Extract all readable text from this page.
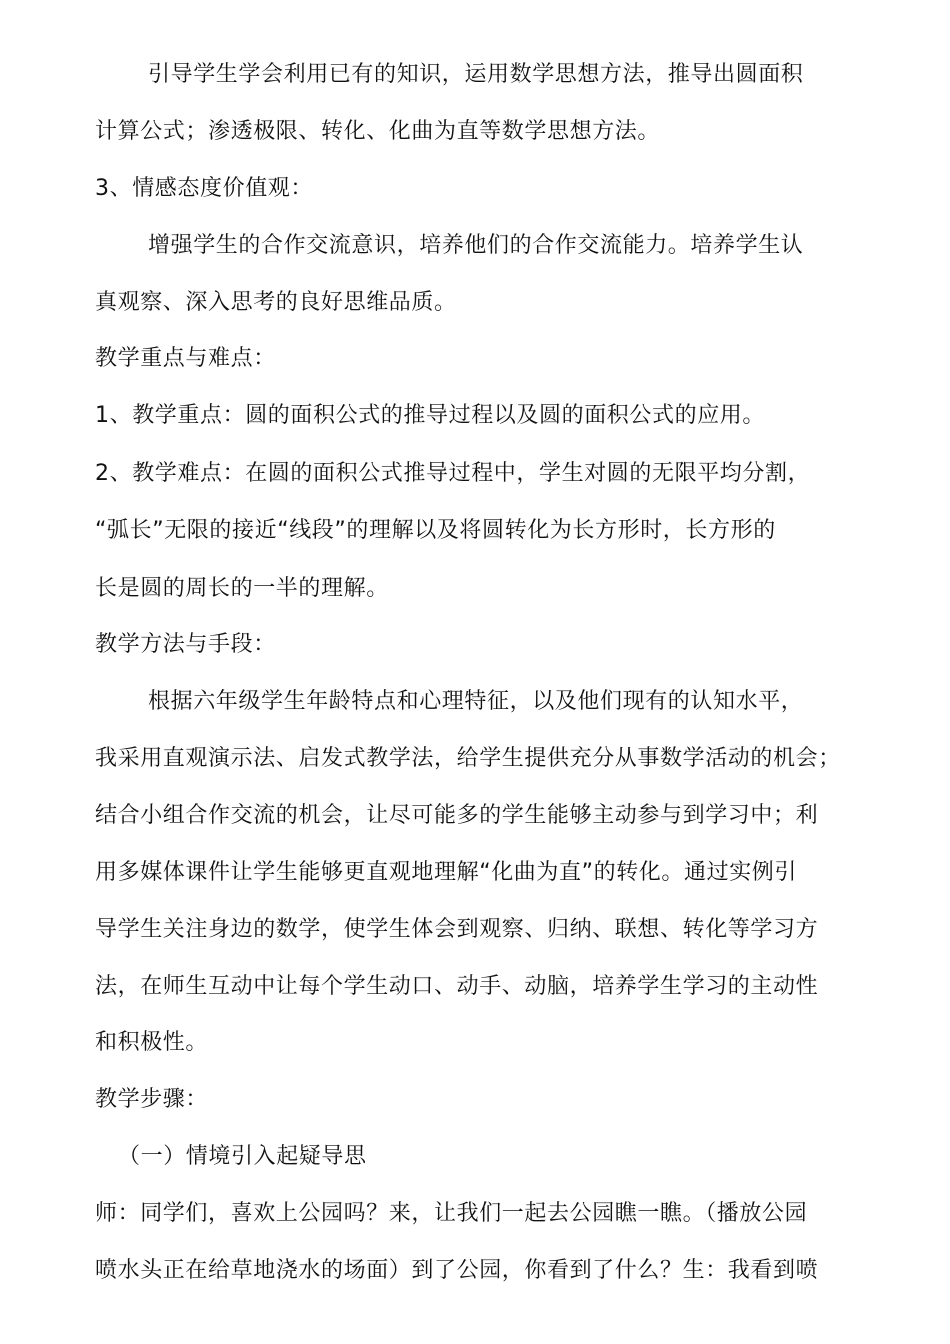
引导学生学会利用已有的知识，运用数学思想方法，推导出圆面积
计算公式；渗透极限、转化、化曲为直等数学思想方法。
3、情感态度价值观：
增强学生的合作交流意识，培养他们的合作交流能力。培养学生认
真观察、深入思考的良好思维品质。
教学重点与难点：
1、教学重点：圆的面积公式的推导过程以及圆的面积公式的应用。
2、教学难点：在圆的面积公式推导过程中，学生对圆的无限平均分割，
“弧长”无限的接近“线段”的理解以及将圆转化为长方形时，长方形的
长是圆的周长的一半的理解。
教学方法与手段：
根据六年级学生年龄特点和心理特征，以及他们现有的认知水平，
我采用直观演示法、启发式教学法，给学生提供充分从事数学活动的机会；
结合小组合作交流的机会，让尽可能多的学生能够主动参与到学习中；利
用多媒体课件让学生能够更直观地理解“化曲为直”的转化。通过实例引
导学生关注身边的数学，使学生体会到观察、归纳、联想、转化等学习方
法，在师生互动中让每个学生动口、动手、动脑，培养学生学习的主动性
和积极性。
教学步骤：
（一）情境引入起疑导思
师：同学们，喜欢上公园吗？来，让我们一起去公园瞧一瞧。（播放公园
喷水头正在给草地浇水的场面）到了公园，你看到了什么？生：我看到喷
